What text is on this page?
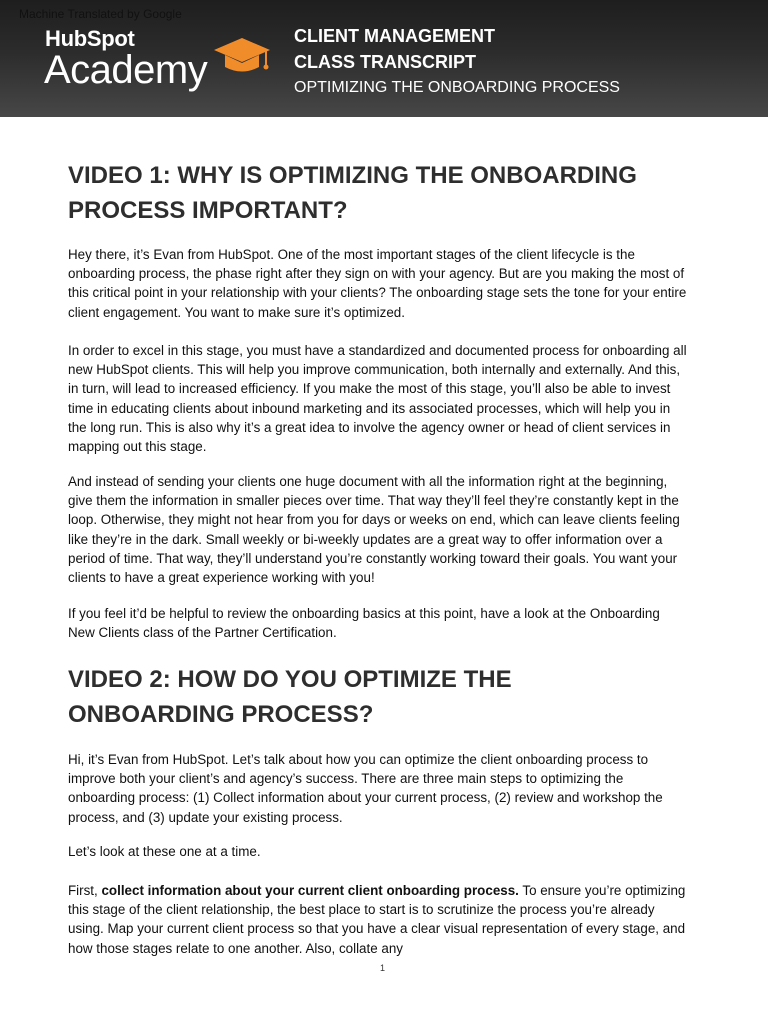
HubSpot
Academy
CLIENT MANAGEMENT
CLASS TRANSCRIPT
OPTIMIZING THE ONBOARDING PROCESS
Machine Translated by Google
VIDEO 1: WHY IS OPTIMIZING THE ONBOARDING
PROCESS IMPORTANT?

Hey there, it’s Evan from HubSpot. One of the most important stages of the client lifecycle is the onboarding process, the phase right after they sign on with your agency. But are you making the most of this critical point in your relationship with your clients? The onboarding stage sets the tone for your entire client engagement. You want to make sure it’s optimized.

In order to excel in this stage, you must have a standardized and documented process for onboarding all new HubSpot clients. This will help you improve communication, both internally and externally. And this, in turn, will lead to increased efficiency. If you make the most of this stage, you’ll also be able to invest time in educating clients about inbound marketing and its associated processes, which will help you in the long run. This is also why it’s a great idea to involve the agency owner or head of client services in mapping out this stage.

And instead of sending your clients one huge document with all the information right at the beginning, give them the information in smaller pieces over time. That way they’ll feel they’re constantly kept in the loop. Otherwise, they might not hear from you for days or weeks on end, which can leave clients feeling like they’re in the dark. Small weekly or bi-weekly updates are a great way to offer information over a period of time. That way, they’ll understand you’re constantly working toward their goals. You want your clients to have a great experience working with you!

If you feel it’d be helpful to review the onboarding basics at this point, have a look at the Onboarding New Clients class of the Partner Certification.

VIDEO 2: HOW DO YOU OPTIMIZE THE
ONBOARDING PROCESS?

Hi, it’s Evan from HubSpot. Let’s talk about how you can optimize the client onboarding process to improve both your client’s and agency’s success. There are three main steps to optimizing the onboarding process: (1) Collect information about your current process, (2) review and workshop the process, and (3) update your existing process.

Let’s look at these one at a time.

First, collect information about your current client onboarding process. To ensure you’re optimizing this stage of the client relationship, the best place to start is to scrutinize the process you’re already using. Map your current client process so that you have a clear visual representation of every stage, and how those stages relate to one another. Also, collate any

1
